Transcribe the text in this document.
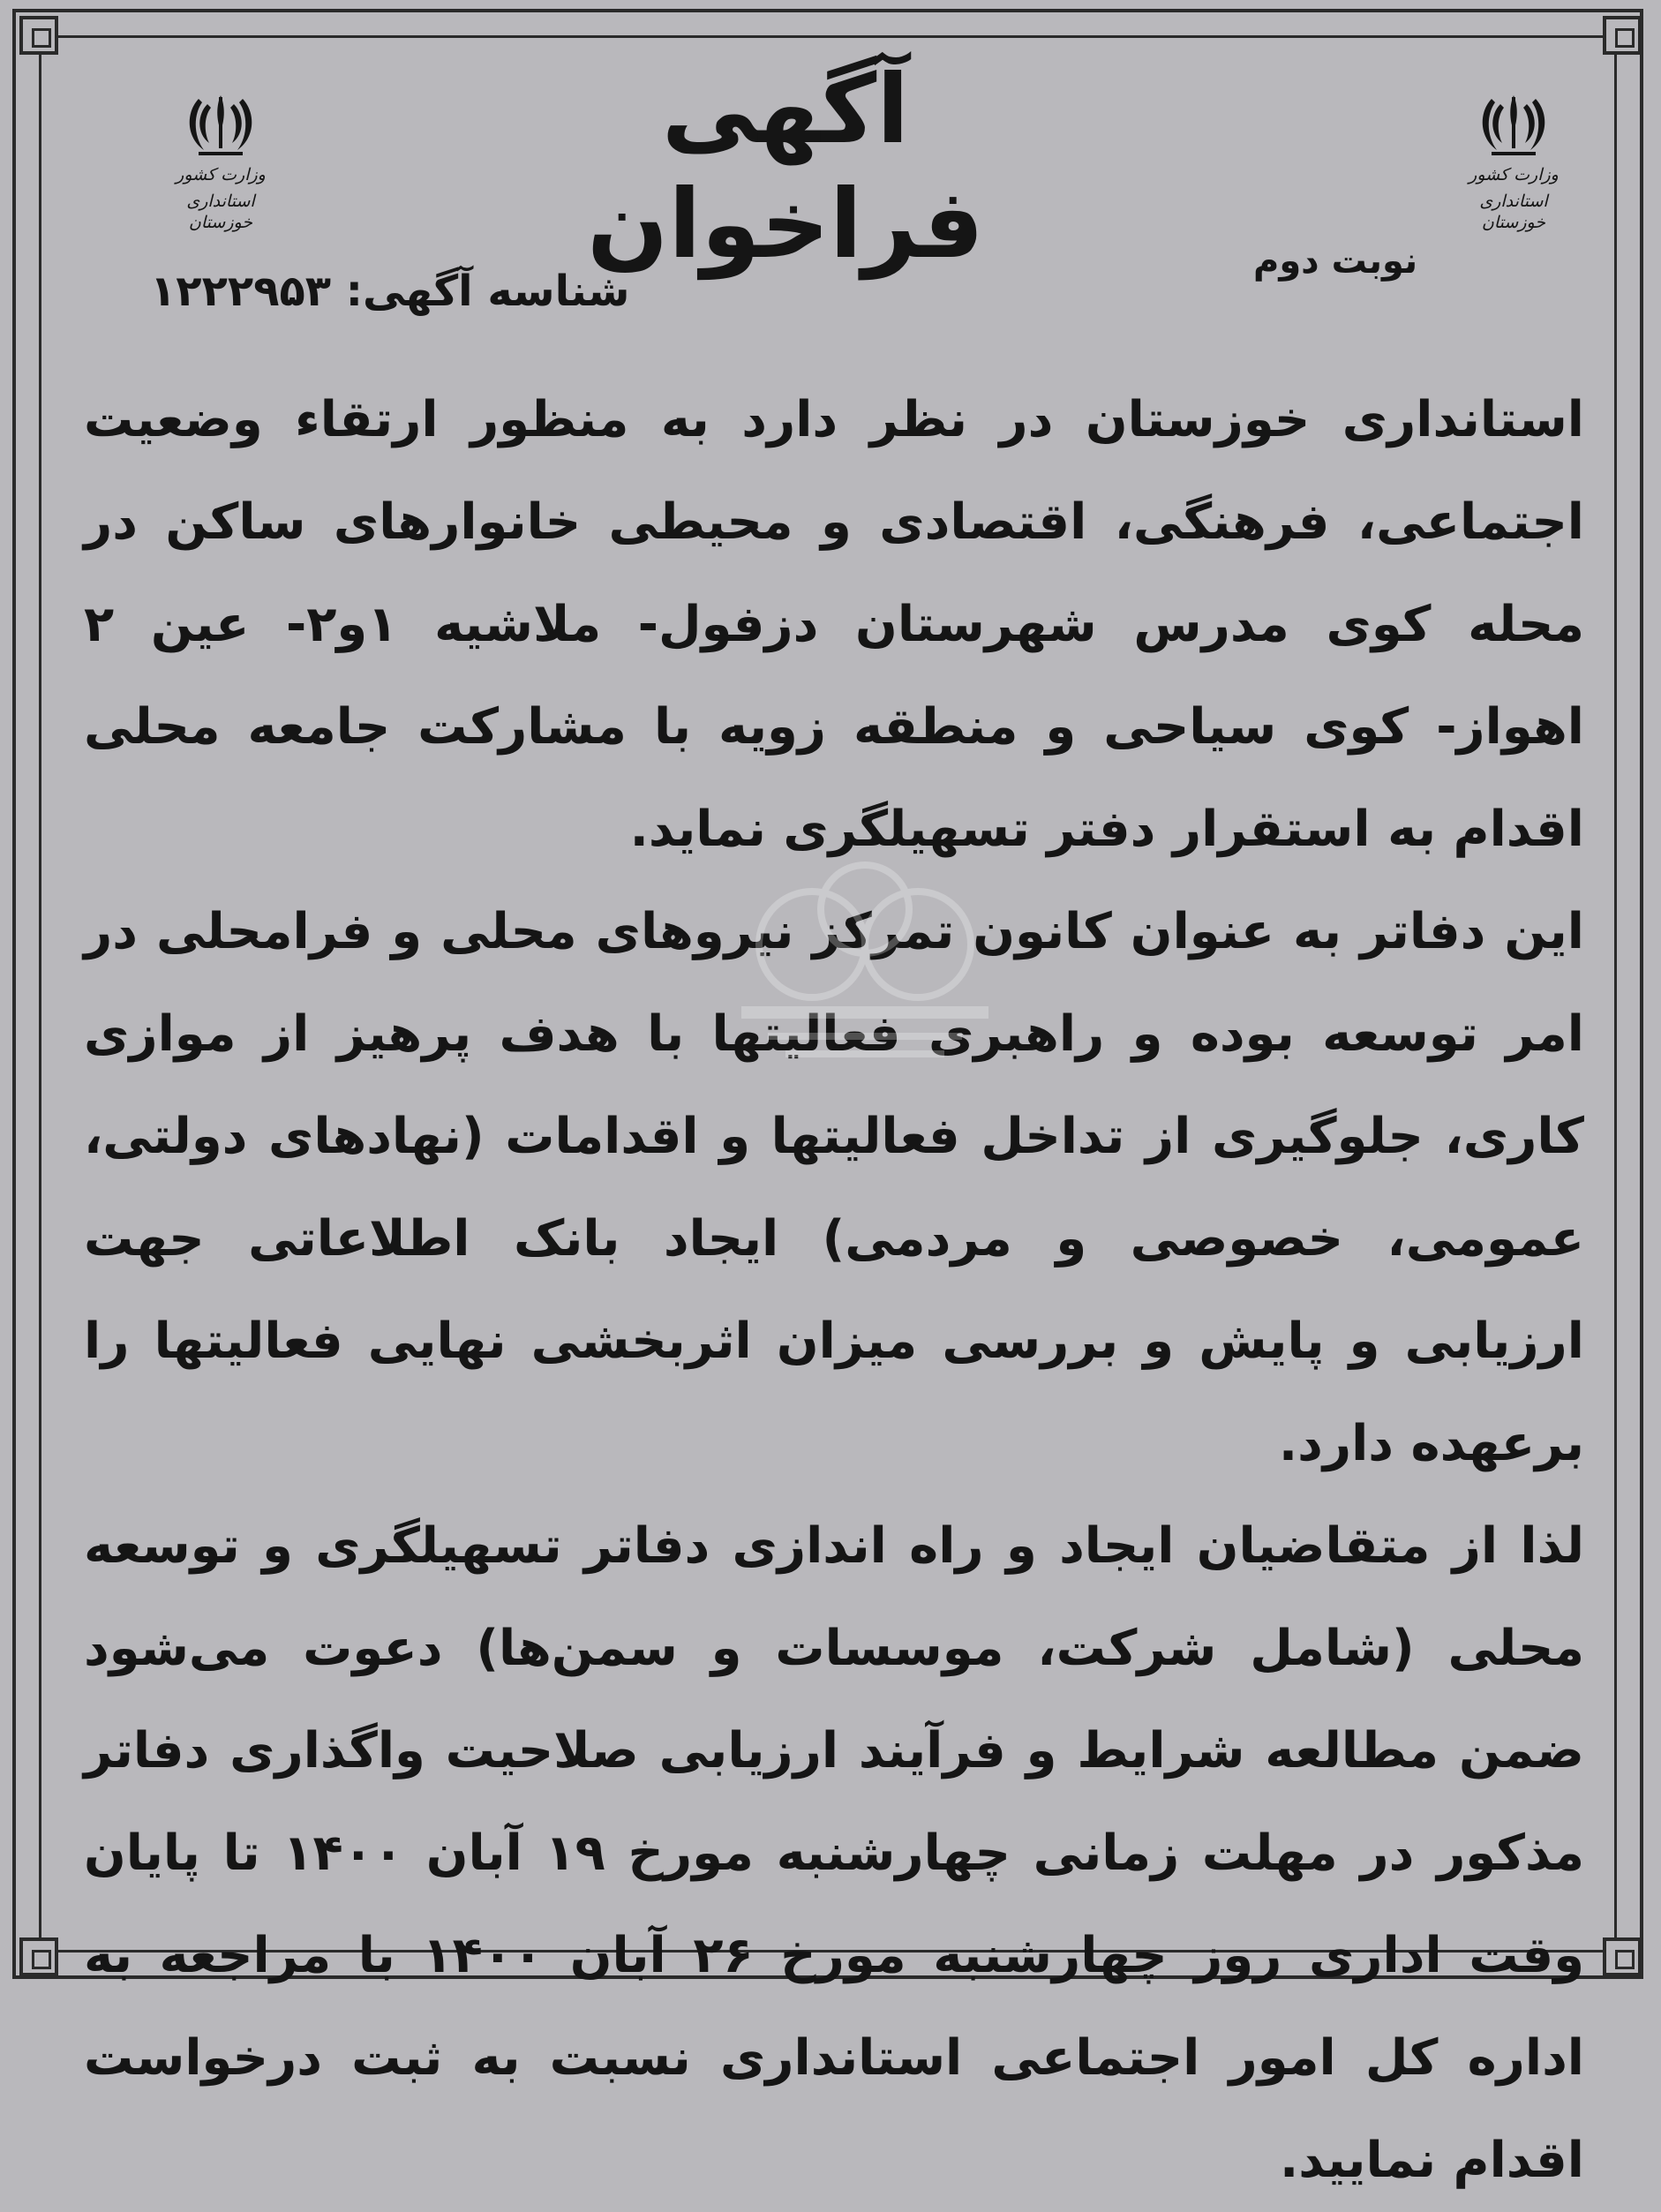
وزارت کشور
استانداری خوزستان
وزارت کشور
استانداری خوزستان
آگهی فراخوان	نوبت دوم
شناسه آگهی: ۱۲۲۲۹۵۳

استانداری خوزستان در نظر دارد به منظور ارتقاء وضعیت اجتماعی، فرهنگی، اقتصادی و محیطی خانوارهای ساکن در محله کوی مدرس شهرستان دزفول- ملاشیه ۱و۲- عین ۲ اهواز- کوی سیاحی و منطقه زویه با مشارکت جامعه محلی اقدام به استقرار دفتر تسهیلگری نماید.

این دفاتر به عنوان کانون تمرکز نیروهای محلی و فرامحلی در امر توسعه بوده و راهبری فعالیتها با هدف پرهیز از موازی کاری، جلوگیری از تداخل فعالیتها و اقدامات (نهادهای دولتی، عمومی، خصوصی و مردمی) ایجاد بانک اطلاعاتی جهت ارزیابی و پایش و بررسی میزان اثربخشی نهایی فعالیتها را برعهده دارد.

لذا از متقاضیان ایجاد و راه اندازی دفاتر تسهیلگری و توسعه محلی (شامل شرکت، موسسات و سمن‌ها) دعوت می‌شود ضمن مطالعه شرایط و فرآیند ارزیابی صلاحیت واگذاری دفاتر مذکور در مهلت زمانی چهارشنبه مورخ ۱۹ آبان ۱۴۰۰ تا پایان وقت اداری روز چهارشنبه مورخ ۲۶ آبان ۱۴۰۰ با مراجعه به اداره کل امور اجتماعی استانداری نسبت به ثبت درخواست اقدام نمایید.
